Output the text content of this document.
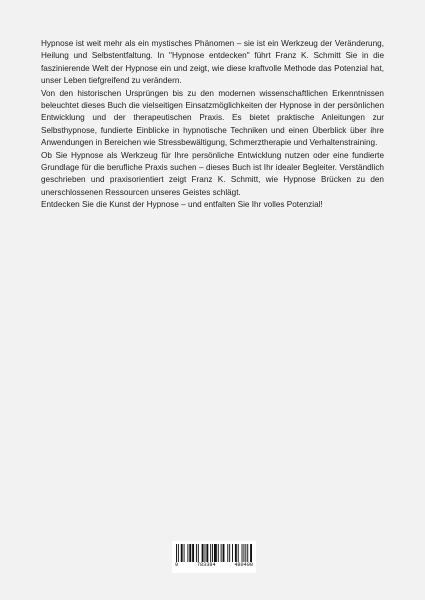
Hypnose ist weit mehr als ein mystisches Phänomen – sie ist ein Werkzeug der Veränderung, Heilung und Selbstentfaltung. In "Hypnose entdecken" führt Franz K. Schmitt Sie in die faszinierende Welt der Hypnose ein und zeigt, wie diese kraftvolle Methode das Potenzial hat, unser Leben tiefgreifend zu verändern.

Von den historischen Ursprüngen bis zu den modernen wissenschaftlichen Erkenntnissen beleuchtet dieses Buch die vielseitigen Einsatzmöglichkeiten der Hypnose in der persönlichen Entwicklung und der therapeutischen Praxis. Es bietet praktische Anleitungen zur Selbsthypnose, fundierte Einblicke in hypnotische Techniken und einen Überblick über ihre Anwendungen in Bereichen wie Stressbewältigung, Schmerztherapie und Verhaltenstraining.

Ob Sie Hypnose als Werkzeug für Ihre persönliche Entwicklung nutzen oder eine fundierte Grundlage für die berufliche Praxis suchen – dieses Buch ist Ihr idealer Begleiter. Verständlich geschrieben und praxisorientiert zeigt Franz K. Schmitt, wie Hypnose Brücken zu den unerschlossenen Ressourcen unseres Geistes schlägt.

Entdecken Sie die Kunst der Hypnose – und entfalten Sie Ihr volles Potenzial!

9	783384	480408
